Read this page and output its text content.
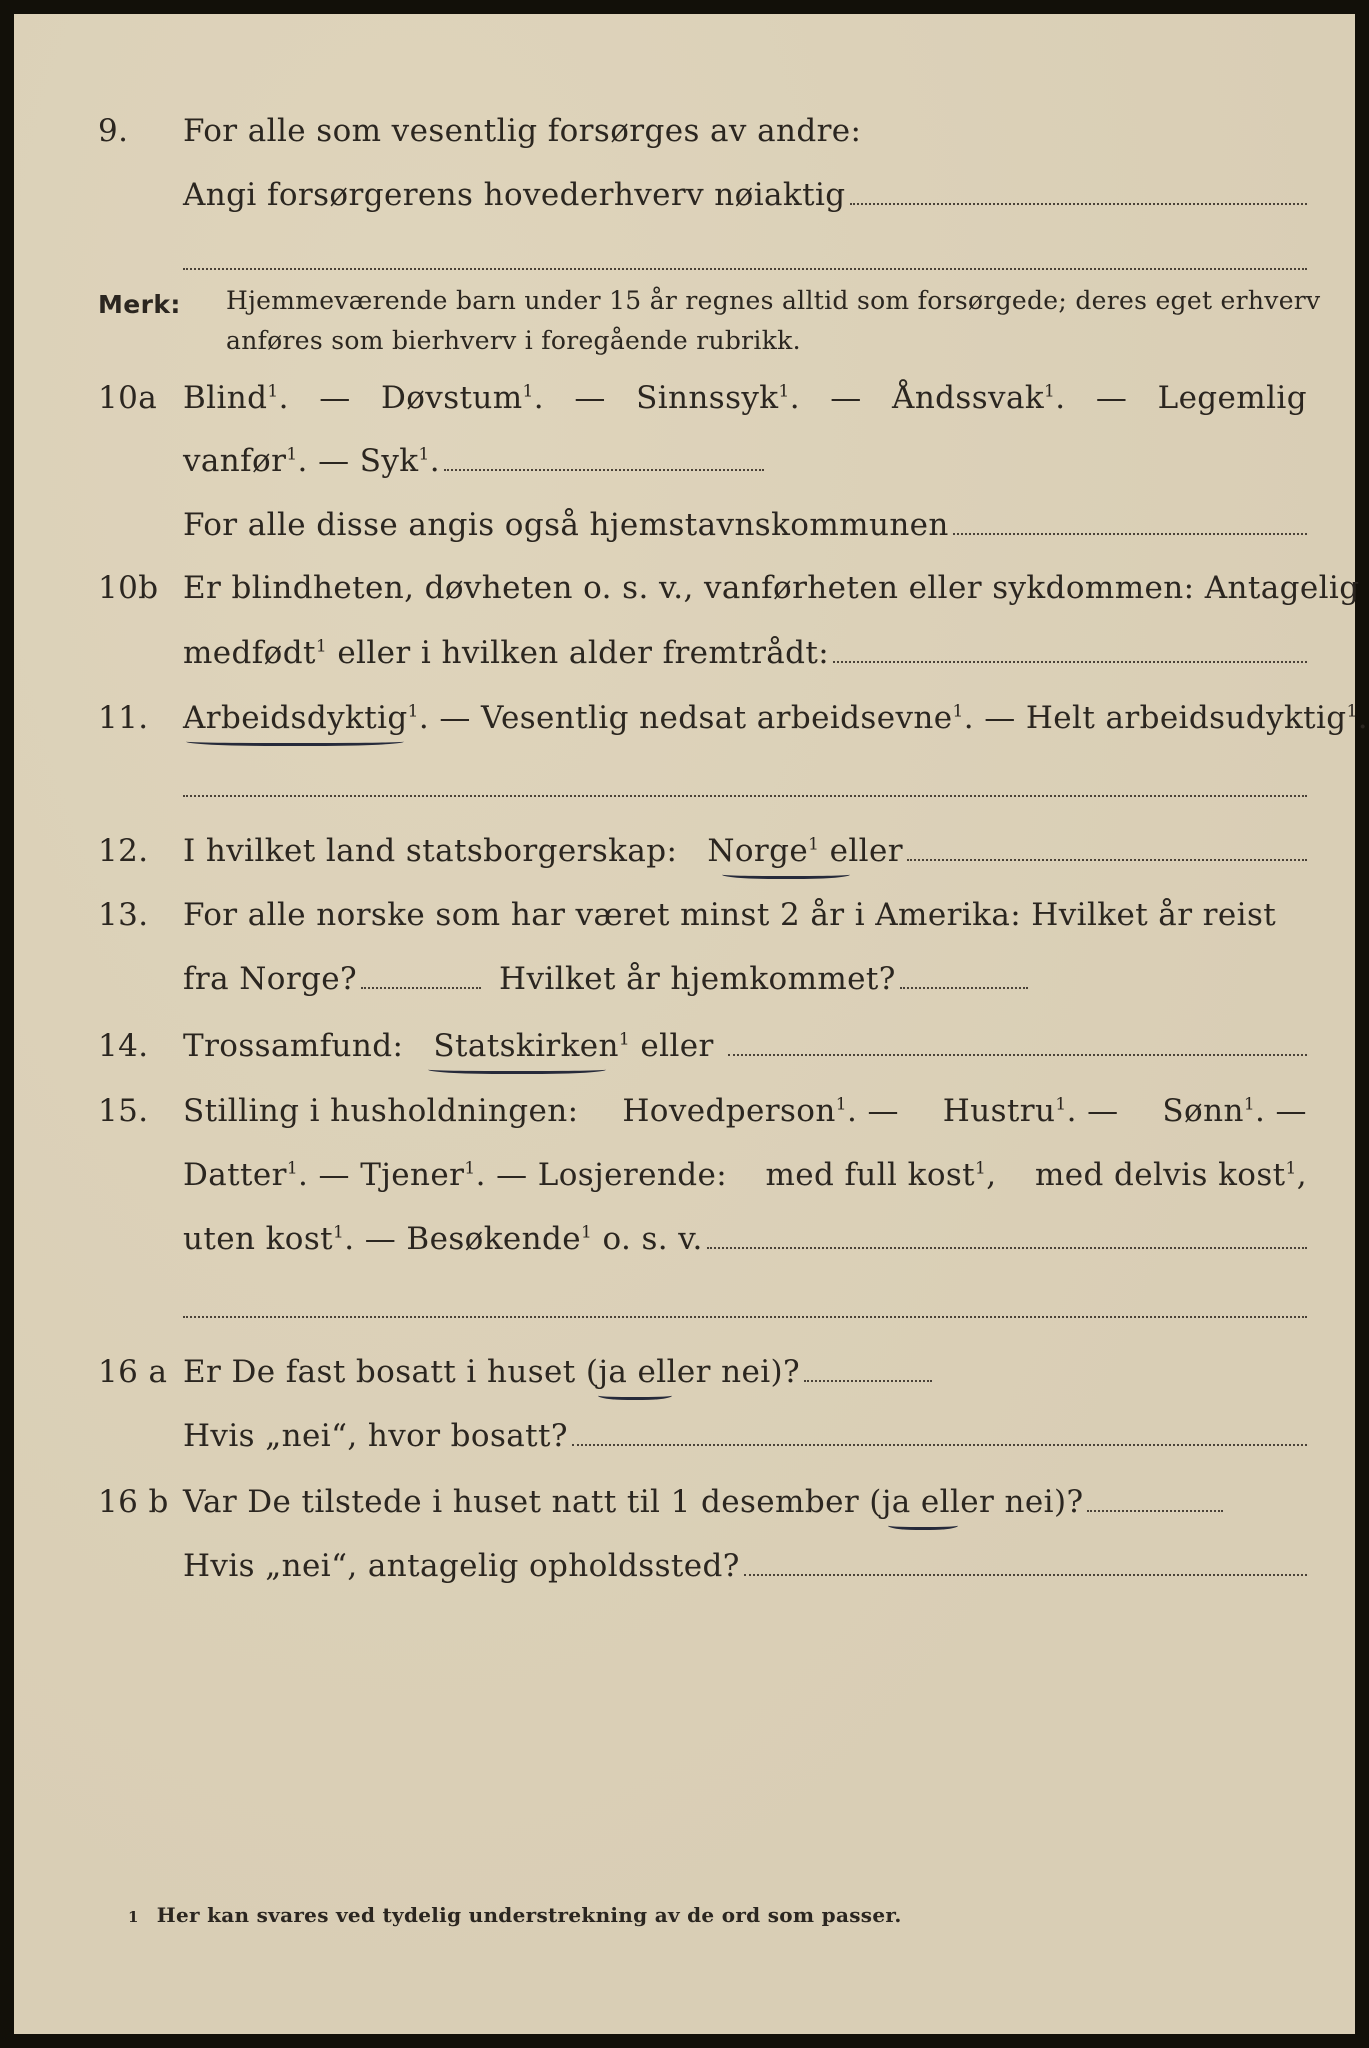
9. For alle som vesentlig forsørges av andre:
Angi forsørgerens hovederhverv nøiaktig
Merk: Hjemmeværende barn under 15 år regnes alltid som forsørgede; deres eget erhverv
anføres som bierhverv i foregående rubrikk.
10a Blind$^1$. — Døvstum$^1$. — Sinnssyk$^1$. — Åndssvak$^1$. — Legemlig
vanfør$^1$. — Syk$^1$.
For alle disse angis også hjemstavnskommunen
10b Er blindheten, døvheten o. s. v., vanførheten eller sykdommen: Antagelig
medfødt$^1$ eller i hvilken alder fremtrådt:
11. Arbeidsdyktig$^1$. — Vesentlig nedsat arbeidsevne$^1$. — Helt arbeidsudyktig$^1$.
12. I hvilket land statsborgerskap: Norge$^1$ eller
13. For alle norske som har været minst 2 år i Amerika: Hvilket år reist
fra Norge?	Hvilket år hjemkommet?
14. Trossamfund: Statskirken$^1$ eller
15. Stilling i husholdningen: Hovedperson$^1$. — Hustru$^1$. — Sønn$^1$. —
Datter$^1$. — Tjener$^1$. — Losjerende: med full kost$^1$, med delvis kost$^1$,
uten kost$^1$. — Besøkende$^1$ o. s. v.
16 a Er De fast bosatt i huset (ja eller nei)?
Hvis „nei“, hvor bosatt?
16 b Var De tilstede i huset natt til 1 desember (ja eller nei)?
Hvis „nei“, antagelig opholdssted?
1 Her kan svares ved tydelig understrekning av de ord som passer.
